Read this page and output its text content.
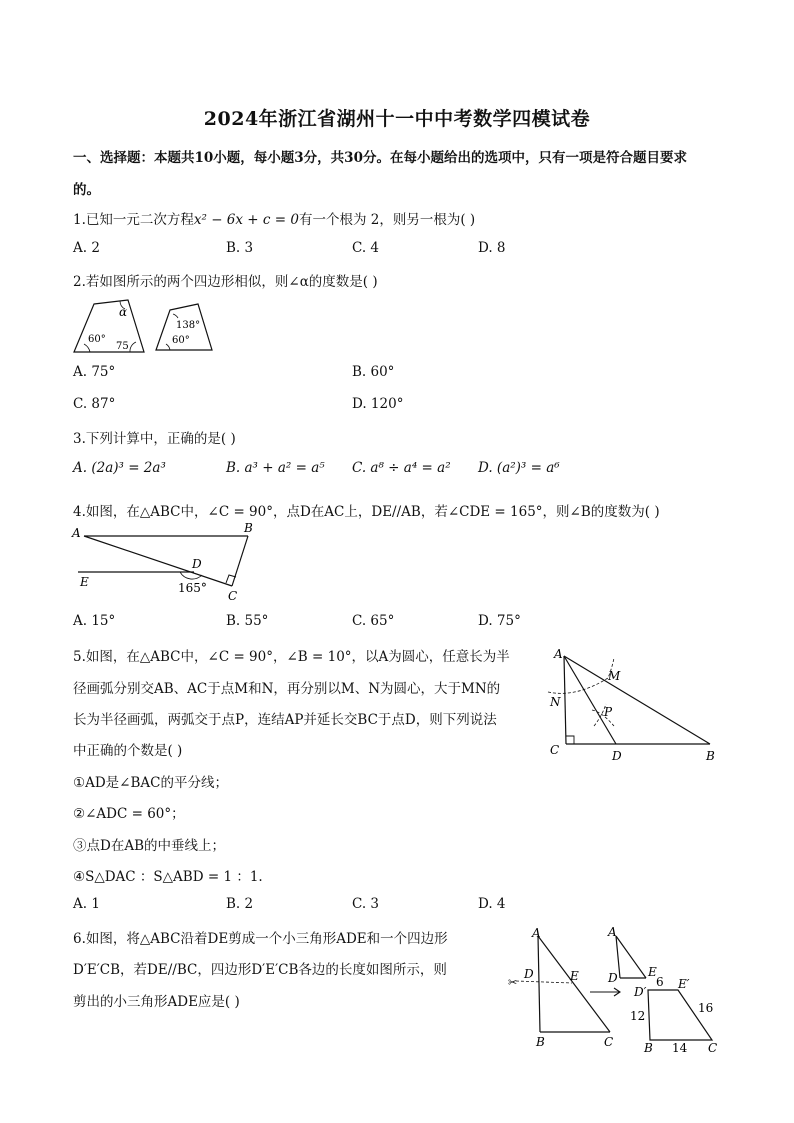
2024年浙江省湖州十一中中考数学四模试卷
一、选择题：本题共10小题，每小题3分，共30分。在每小题给出的选项中，只有一项是符合题目要求
的。
1.已知一元二次方程x² − 6x + c = 0有一个根为 2，则另一根为( )
A. 2	B. 3	C. 4	D. 8
2.若如图所示的两个四边形相似，则∠α的度数是( )
α
60°
75
138°
60°
A. 75°	B. 60°
C. 87°	D. 120°
3.下列计算中，正确的是( )
A. (2a)³ = 2a³	B. a³ + a² = a⁵ C. a⁸ ÷ a⁴ = a² D. (a²)³ = a⁶
4.如图，在△ABC中，∠C = 90°，点D在AC上，DE//AB，若∠CDE = 165°，则∠B的度数为( )
A	B
C
D
E	165°
A. 15°	B. 55°	C. 65°	D. 75°
5.如图，在△ABC中，∠C = 90°，∠B = 10°，以A为圆心，任意长为半
径画弧分别交AB、AC于点M和N，再分别以M、N为圆心，大于MN的
长为半径画弧，两弧交于点P，连结AP并延长交BC于点D，则下列说法
中正确的个数是( )
①AD是∠BAC的平分线；
②∠ADC = 60°；
③点D在AB的中垂线上；
④S△DAC ：S△ABD = 1 ：1.
A. 1	B. 2	C. 3	D. 4
A
M
N
P
C	D	B
6.如图，将△ABC沿着DE剪成一个小三角形ADE和一个四边形
D′E′CB，若DE//BC，四边形D′E′CB各边的长度如图所示，则
剪出的小三角形ADE应是( )
✂
A
D	E
B	C
A
D	E
D′
E′
B	C
6
12
16
14
